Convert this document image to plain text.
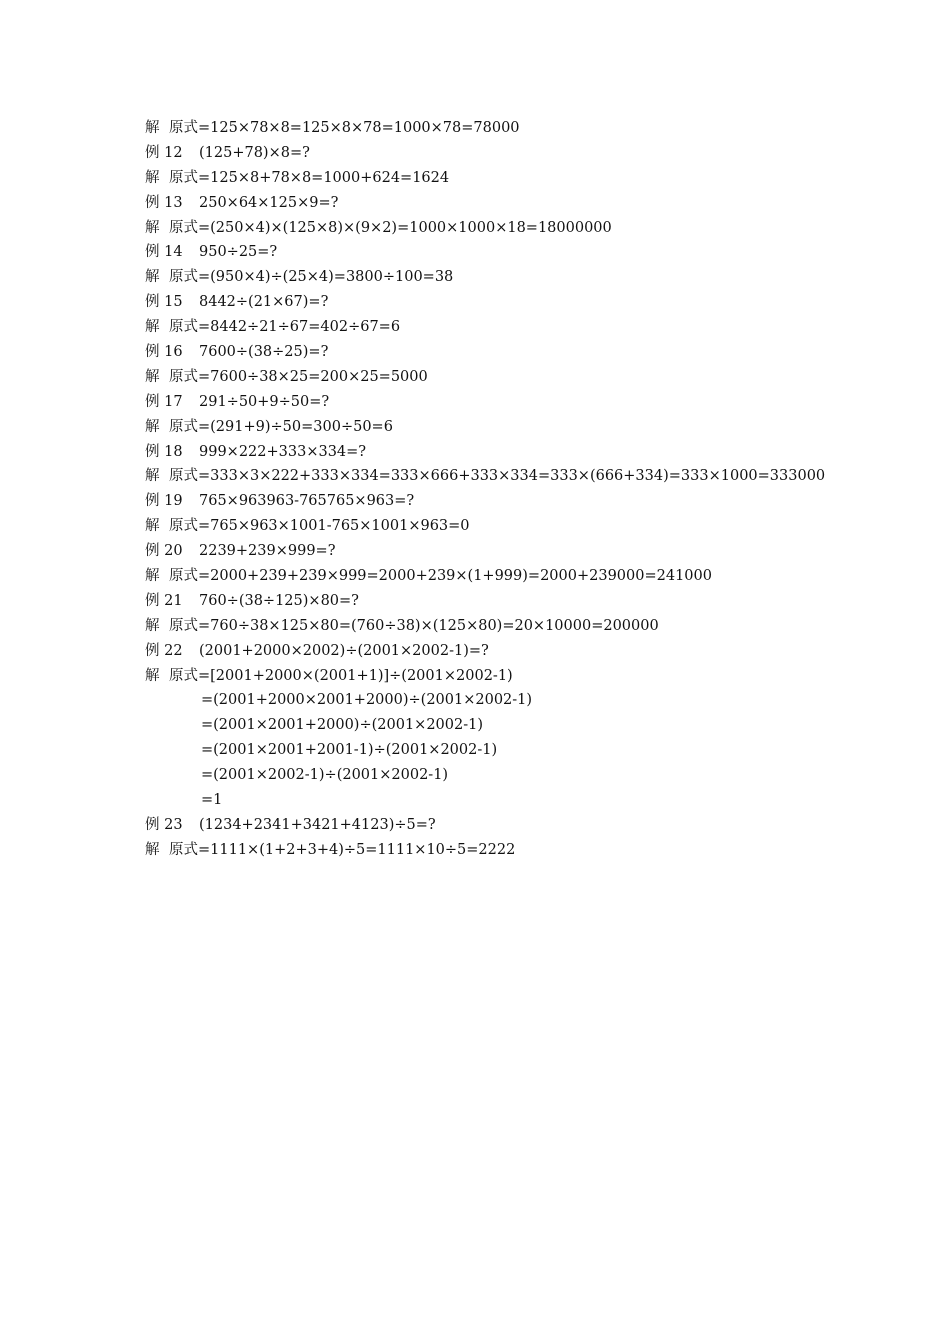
解 原式=125×78×8=125×8×78=1000×78=78000
例 12	(125+78)×8=?
解 原式=125×8+78×8=1000+624=1624
例 13	250×64×125×9=?
解 原式=(250×4)×(125×8)×(9×2)=1000×1000×18=18000000
例 14	950÷25=?
解 原式=(950×4)÷(25×4)=3800÷100=38
例 15	8442÷(21×67)=?
解 原式=8442÷21÷67=402÷67=6
例 16	7600÷(38÷25)=?
解 原式=7600÷38×25=200×25=5000
例 17	291÷50+9÷50=?
解 原式=(291+9)÷50=300÷50=6
例 18	999×222+333×334=?
解 原式=333×3×222+333×334=333×666+333×334=333×(666+334)=333×1000=333000
例 19	765×963963-765765×963=?
解 原式=765×963×1001-765×1001×963=0
例 20	2239+239×999=?
解 原式=2000+239+239×999=2000+239×(1+999)=2000+239000=241000
例 21	760÷(38÷125)×80=?
解 原式=760÷38×125×80=(760÷38)×(125×80)=20×10000=200000
例 22	(2001+2000×2002)÷(2001×2002-1)=?
解 原式=[2001+2000×(2001+1)]÷(2001×2002-1)
=(2001+2000×2001+2000)÷(2001×2002-1)
=(2001×2001+2000)÷(2001×2002-1)
=(2001×2001+2001-1)÷(2001×2002-1)
=(2001×2002-1)÷(2001×2002-1)
=1
例 23	(1234+2341+3421+4123)÷5=?
解 原式=1111×(1+2+3+4)÷5=1111×10÷5=2222
